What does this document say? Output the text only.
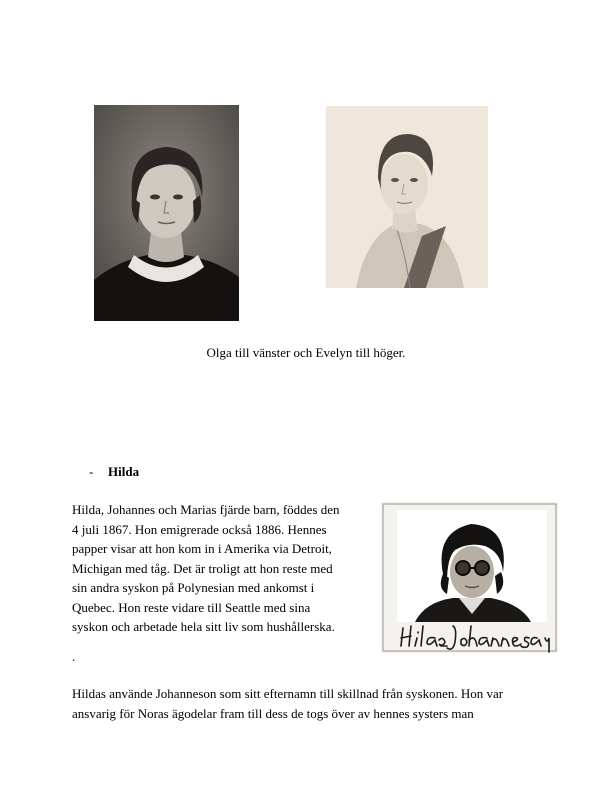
Olga till vänster och Evelyn till höger.
- Hilda
Hilda, Johannes och Marias fjärde barn, föddes den
4 juli 1867. Hon emigrerade också 1886. Hennes
papper visar att hon kom in i Amerika via Detroit,
Michigan med tåg. Det är troligt att hon reste med
sin andra syskon på Polynesian med ankomst i
Quebec. Hon reste vidare till Seattle med sina
syskon och arbetade hela sitt liv som hushållerska.
.
Hildas använde Johanneson som sitt efternamn till skillnad från syskonen. Hon var
ansvarig för Noras ägodelar fram till dess de togs över av hennes systers man
